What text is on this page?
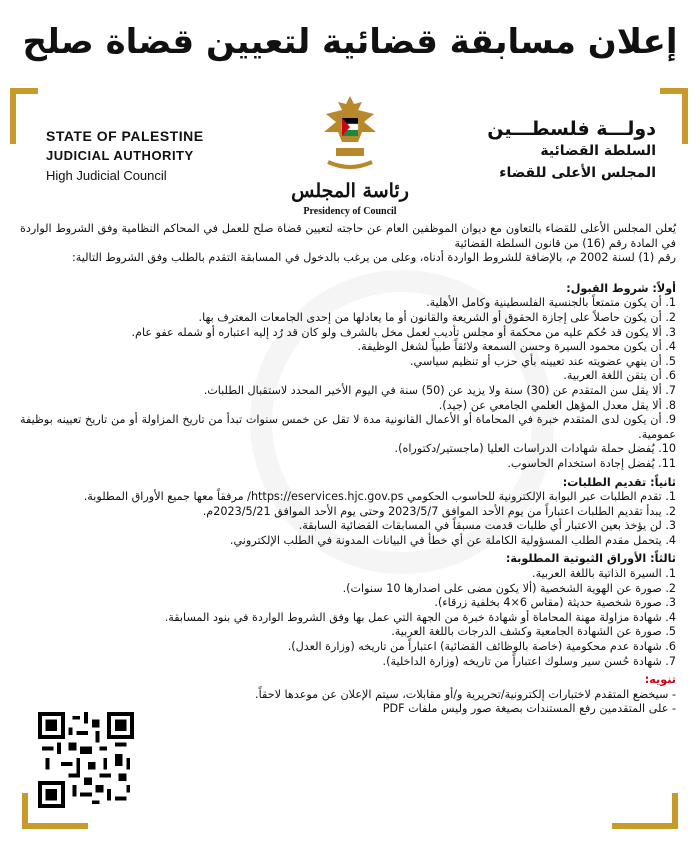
إعلان مسابقة قضائية لتعيين قضاة صلح
STATE OF PALESTINE
JUDICIAL AUTHORITY
High Judicial Council
دولـــة فلسطـــين
السلطة القضائية
المجلس الأعلى للقضاء
رئاسة المجلس
Presidency of Council

يُعلن المجلس الأعلى للقضاء بالتعاون مع ديوان الموظفين العام عن حاجته لتعيين قضاة صلح للعمل في المحاكم النظامية وفق الشروط الواردة في المادة رقم (16) من قانون السلطة القضائية

رقم (1) لسنة 2002 م، بالإضافة للشروط الواردة أدناه، وعلى من يرغب بالدخول في المسابقة التقدم بالطلب وفق الشروط التالية:

أولاً: شروط القبول:

1. أن يكون متمتعاً بالجنسية الفلسطينية وكامل الأهلية.

2. أن يكون حاصلاً على إجازة الحقوق أو الشريعة والقانون أو ما يعادلها من إحدى الجامعات المعترف بها.

3. ألا يكون قد حُكم عليه من محكمة أو مجلس تأديب لعمل مخل بالشرف ولو كان قد رُد إليه اعتباره أو شمله عفو عام.

4. أن يكون محمود السيرة وحسن السمعة ولائقاً طبياً لشغل الوظيفة.

5. أن ينهي عضويته عند تعيينه بأي حزب أو تنظيم سياسي.

6. أن يتقن اللغة العربية.

7. ألا يقل سن المتقدم عن (30) سنة ولا يزيد عن (50) سنة في اليوم الأخير المحدد لاستقبال الطلبات.

8. ألا يقل معدل المؤهل العلمي الجامعي عن (جيد).

9. أن يكون لدى المتقدم خبرة في المحاماة أو الأعمال القانونية مدة لا تقل عن خمس سنوات تبدأ من تاريخ المزاولة أو من تاريخ تعيينه بوظيفة عمومية.

10. يُفضل حملة شهادات الدراسات العليا (ماجستير/دكتوراه).

11. يُفضل إجادة استخدام الحاسوب.

ثانياً: تقديم الطلبات:

1. تقدم الطلبات عبر البوابة الإلكترونية للحاسوب الحكومي https://eservices.hjc.gov.ps/ مرفقاً معها جميع الأوراق المطلوبة.

2. يبدأ تقديم الطلبات اعتباراً من يوم الأحد الموافق 2023/5/7 وحتى يوم الأحد الموافق 2023/5/21م.

3. لن يؤخذ بعين الاعتبار أي طلبات قدمت مسبقاً في المسابقات القضائية السابقة.

4. يتحمل مقدم الطلب المسؤولية الكاملة عن أي خطأ في البيانات المدونة في الطلب الإلكتروني.

ثالثاً: الأوراق الثبوتية المطلوبة:

1. السيرة الذاتية باللغة العربية.

2. صورة عن الهوية الشخصية (ألا يكون مضى على اصدارها 10 سنوات).

3. صورة شخصية حديثة (مقاس 6×4 بخلفية زرقاء).

4. شهادة مزاولة مهنة المحاماة أو شهادة خبرة من الجهة التي عمل بها وفق الشروط الواردة في بنود المسابقة.

5. صورة عن الشهادة الجامعية وكشف الدرجات باللغة العربية.

6. شهادة عدم محكومية (خاصة بالوظائف القضائية) اعتباراً من تاريخه (وزارة العدل).

7. شهادة حُسن سير وسلوك اعتباراً من تاريخه (وزارة الداخلية).

تنويه:

- سيخضع المتقدم لاختبارات إلكترونية/تحريرية و/أو مقابلات، سيتم الإعلان عن موعدها لاحقاً.

- على المتقدمين رفع المستندات بصيغة صور وليس ملفات PDF
